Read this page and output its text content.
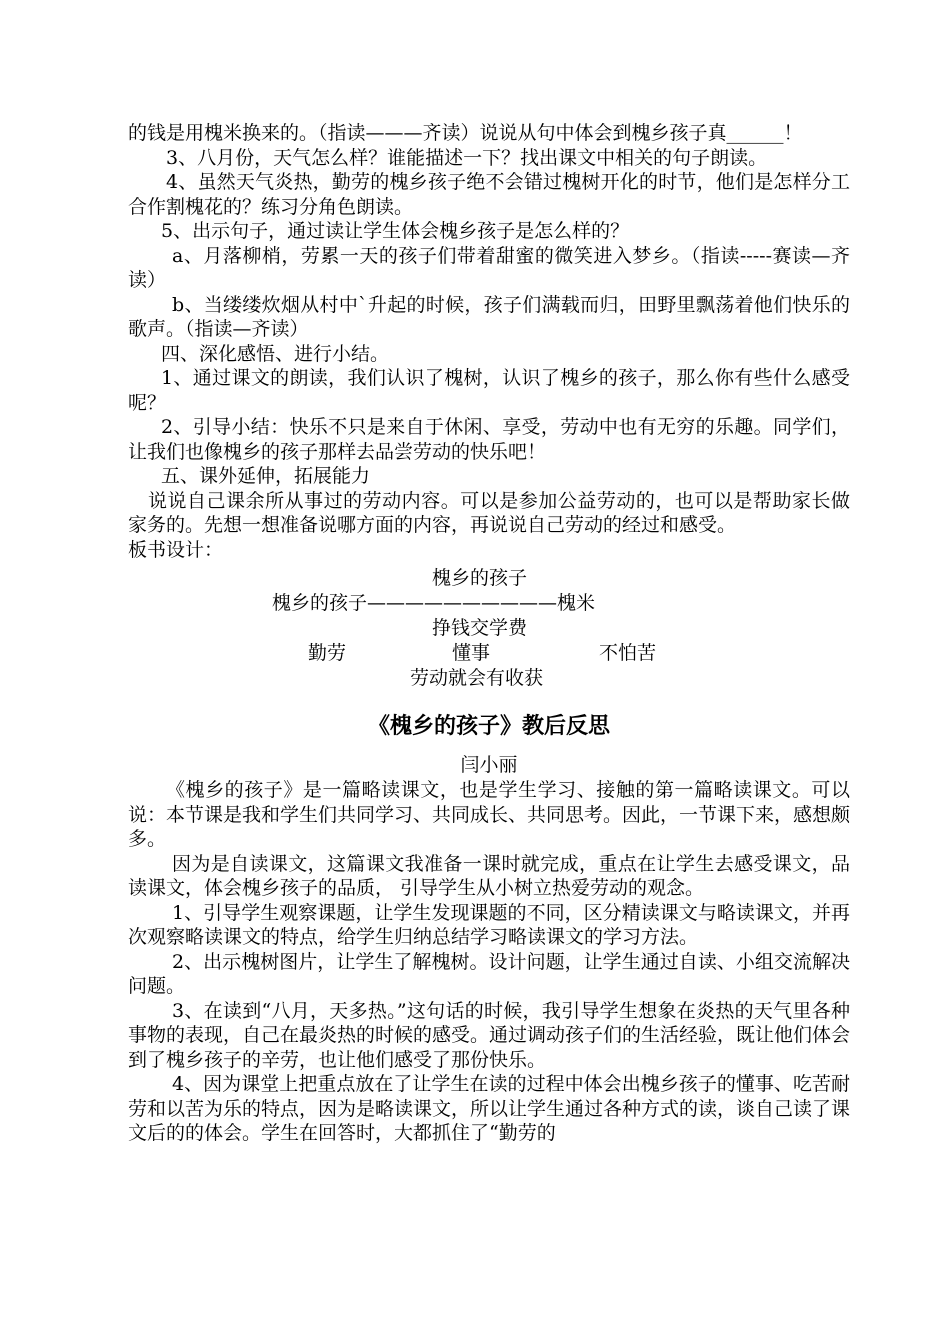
的钱是用槐米换来的。（指读———齐读）说说从句中体会到槐乡孩子真______！

3、八月份，天气怎么样？谁能描述一下？找出课文中相关的句子朗读。

4、虽然天气炎热，勤劳的槐乡孩子绝不会错过槐树开化的时节，他们是怎样分工合作割槐花的？练习分角色朗读。

5、出示句子，通过读让学生体会槐乡孩子是怎么样的？

a、月落柳梢，劳累一天的孩子们带着甜蜜的微笑进入梦乡。（指读-----赛读—齐读）

b、当缕缕炊烟从村中`升起的时候，孩子们满载而归，田野里飘荡着他们快乐的歌声。（指读—齐读）

四、深化感悟、进行小结。

1、通过课文的朗读，我们认识了槐树，认识了槐乡的孩子，那么你有些什么感受呢？

2、引导小结：快乐不只是来自于休闲、享受，劳动中也有无穷的乐趣。同学们，让我们也像槐乡的孩子那样去品尝劳动的快乐吧！

五、课外延伸，拓展能力

说说自己课余所从事过的劳动内容。可以是参加公益劳动的，也可以是帮助家长做家务的。先想一想准备说哪方面的内容，再说说自己劳动的经过和感受。

板书设计：

槐乡的孩子
槐乡的孩子——————————槐米
挣钱交学费
勤劳	懂事	不怕苦
劳动就会有收获
《槐乡的孩子》教后反思

闫小丽

《槐乡的孩子》是一篇略读课文，也是学生学习、接触的第一篇略读课文。可以说：本节课是我和学生们共同学习、共同成长、共同思考。因此，一节课下来，感想颇多。

因为是自读课文，这篇课文我准备一课时就完成，重点在让学生去感受课文，品读课文，体会槐乡孩子的品质， 引导学生从小树立热爱劳动的观念。

1、引导学生观察课题，让学生发现课题的不同，区分精读课文与略读课文，并再次观察略读课文的特点，给学生归纳总结学习略读课文的学习方法。

2、出示槐树图片，让学生了解槐树。设计问题，让学生通过自读、小组交流解决问题。

3、在读到“八月，天多热。”这句话的时候，我引导学生想象在炎热的天气里各种事物的表现，自己在最炎热的时候的感受。通过调动孩子们的生活经验，既让他们体会到了槐乡孩子的辛劳，也让他们感受了那份快乐。

4、因为课堂上把重点放在了让学生在读的过程中体会出槐乡孩子的懂事、吃苦耐劳和以苦为乐的特点，因为是略读课文，所以让学生通过各种方式的读，谈自己读了课文后的的体会。学生在回答时，大都抓住了“勤劳的
